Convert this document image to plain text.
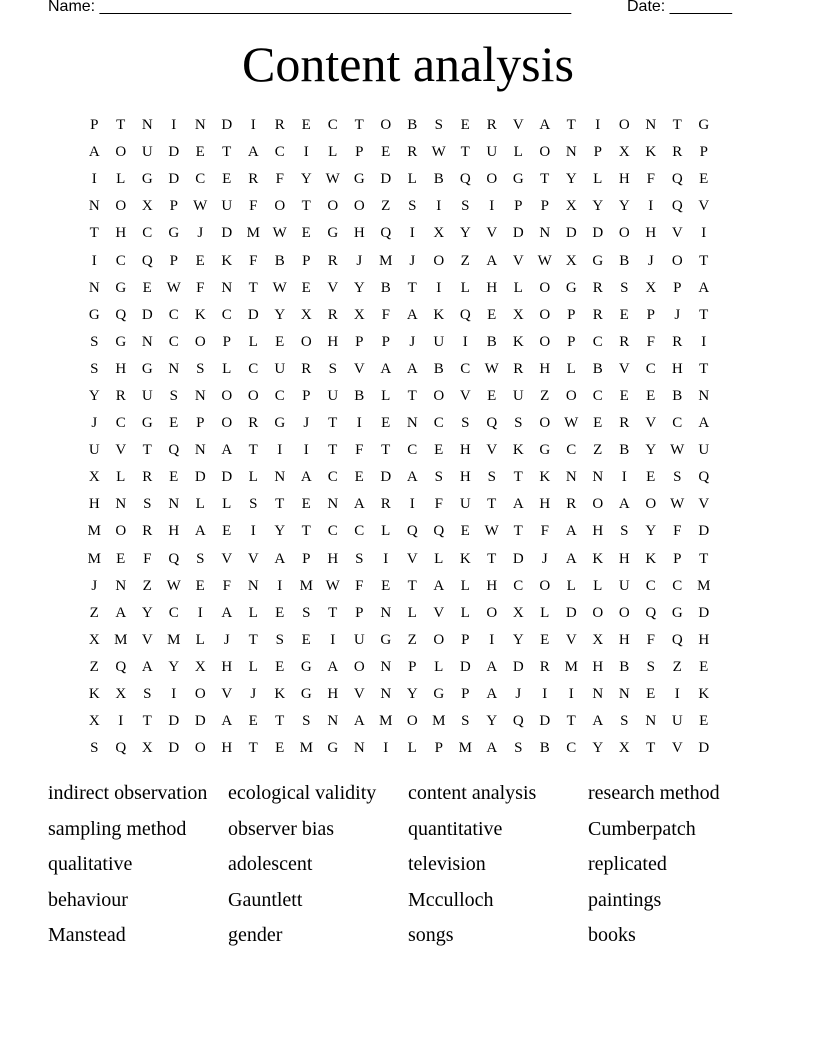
Name: _____________________________________________________	Date: _______
Content analysis
P	T	N	I	N	D	I	R	E	C	T	O	B	S	E	R	V	A	T	I	O	N	T	G
A	O	U	D	E	T	A	C	I	L	P	E	R W T	U	L	O	N	P	X	K	R	P
I	L	G	D	C	E	R	F	Y W G	D	L	B	Q	O	G	T	Y	L	H	F	Q	E
N	O	X	P	W U	F	O	T	O	O	Z	S	I	S	I	P	P	X	Y	Y	I	Q	V
T	H	C	G	J	D M W E	G	H	Q	I	X	Y	V	D	N	D	D	O	H	V	I
I	C	Q	P	E	K	F	B	P	R	J	M	J	O	Z	A	V W X	G	B	J	O	T
N	G	E W	F	N	T W E	V	Y	B	T	I	L	H	L	O	G	R	S	X	P	A
G	Q	D	C	K	C	D	Y	X	R	X	F	A	K	Q	E	X	O	P	R	E	P	J	T
S	G	N	C	O	P	L	E	O	H	P	P	J	U	I	B	K	O	P	C	R	F	R	I
S	H	G	N	S	L	C	U	R	S	V	A	A	B	C W R	H	L	B	V	C	H	T
Y	R	U	S	N	O	O	C	P	U	B	L	T	O	V	E	U	Z	O	C	E	E	B	N
J	C	G	E	P	O	R	G	J	T	I	E	N	C	S	Q	S	O W E	R	V	C	A
U	V	T	Q	N	A	T	I	I	T	F	T	C	E	H	V	K	G	C	Z	B	Y W U
X	L	R	E	D	D	L	N	A	C	E	D	A	S	H	S	T	K	N	N	I	E	S	Q
H	N	S	N	L	L	S	T	E	N	A	R	I	F	U	T	A	H	R	O	A	O W V
M O	R	H	A	E	I	Y	T	C	C	L	Q	Q	E W T	F	A	H	S	Y	F	D
M	E	F	Q	S	V	V	A	P	H	S	I	V	L	K	T	D	J	A	K	H	K	P	T
J	N	Z W E	F	N	I	M W	F	E	T	A	L	H	C	O	L	L	U	C	C M
Z	A	Y	C	I	A	L	E	S	T	P	N	L	V	L	O	X	L	D	O	O	Q	G	D
X M V M	L	J	T	S	E	I	U	G	Z	O	P	I	Y	E	V	X	H	F	Q	H
Z	Q	A	Y	X	H	L	E	G	A	O	N	P	L	D	A	D	R M H	B	S	Z	E
K	X	S	I	O	V	J	K	G	H	V	N	Y	G	P	A	J	I	I	N	N	E	I	K
X	I	T	D	D	A	E	T	S	N	A M O M	S	Y	Q	D	T	A	S	N	U	E
S	Q	X	D	O	H	T	E	M G	N	I	L	P	M A	S	B	C	Y	X	T	V	D
indirect observation	ecological validity	content analysis	research method
sampling method	observer bias	quantitative	Cumberpatch
qualitative	adolescent	television	replicated
behaviour	Gauntlett	Mcculloch	paintings
Manstead	gender	songs	books
